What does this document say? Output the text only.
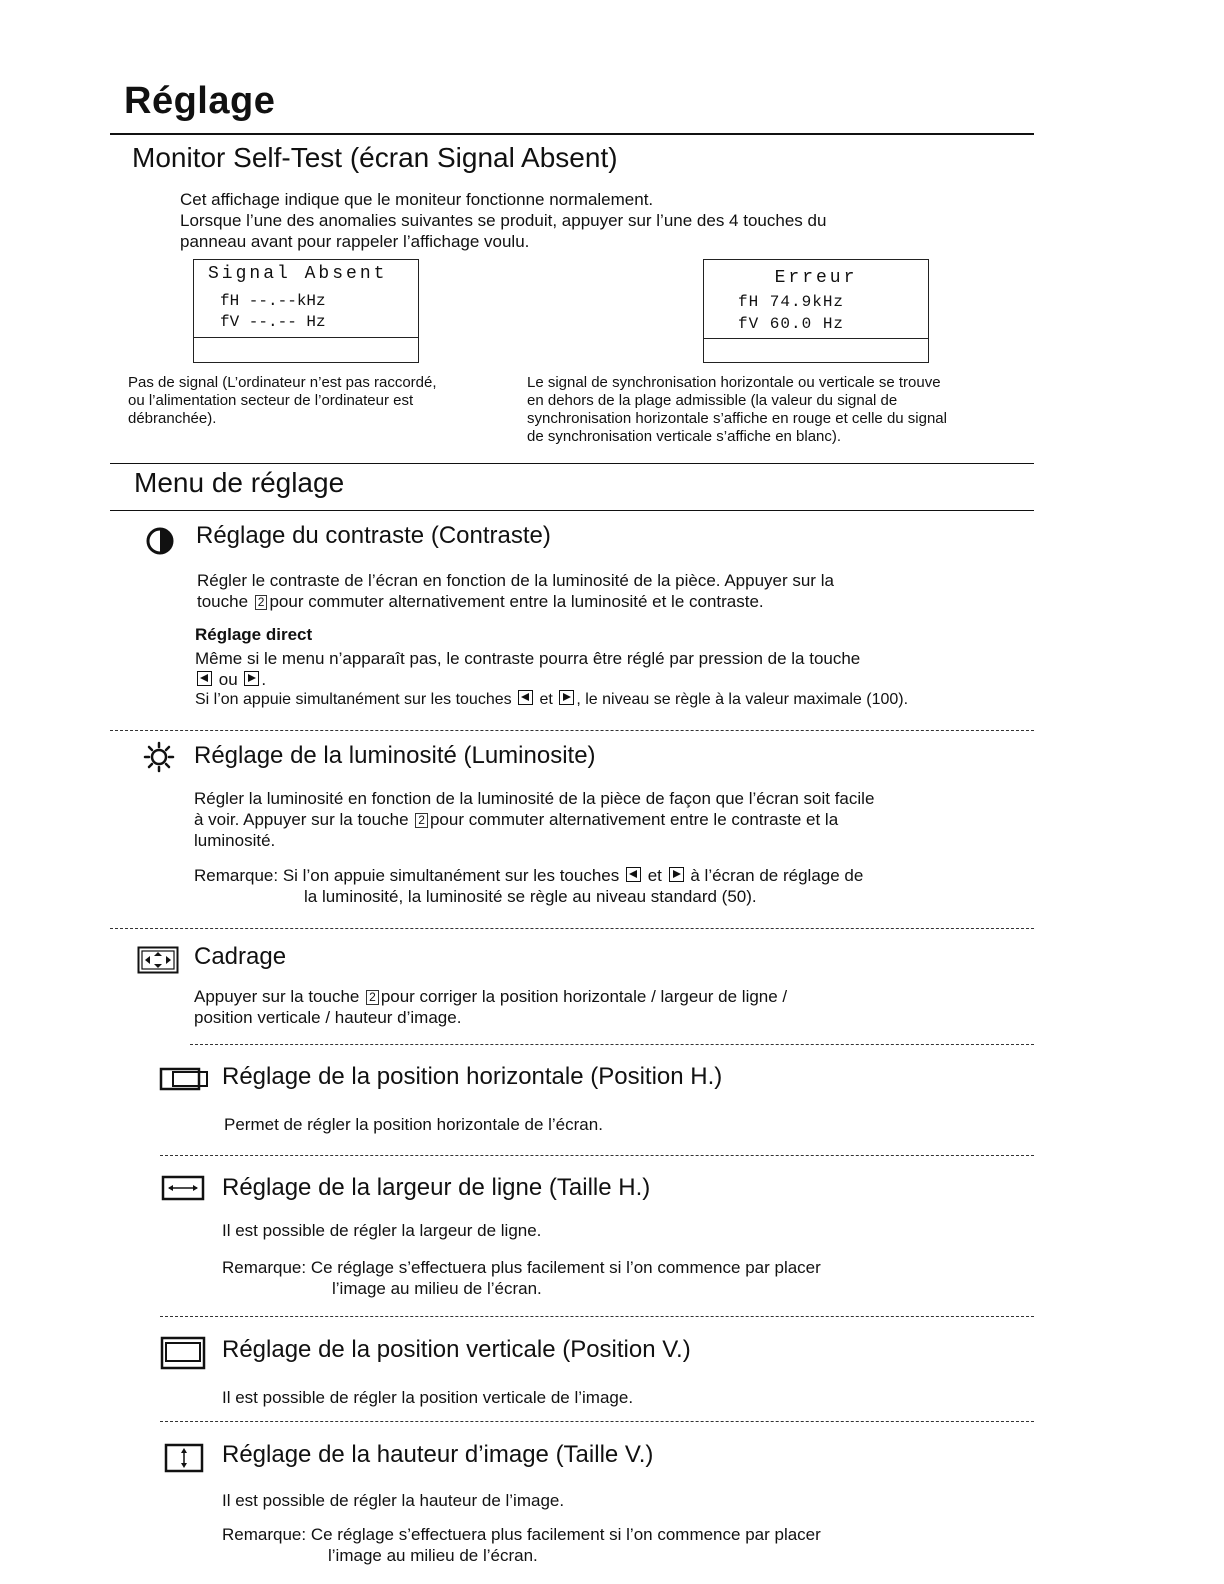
Réglage
Monitor Self-Test (écran Signal Absent)
Cet affichage indique que le moniteur fonctionne normalement.
Lorsque l’une des anomalies suivantes se produit, appuyer sur l’une des 4 touches du
panneau avant pour rappeler l’affichage voulu.
Signal Absent
fH --.--kHz
fV --.-- Hz
Erreur
fH 74.9kHz
fV 60.0 Hz
Pas de signal (L’ordinateur n’est pas raccordé,
ou l’alimentation secteur de l’ordinateur est
débranchée).
Le signal de synchronisation horizontale ou verticale se trouve
en dehors de la plage admissible (la valeur du signal de
synchronisation horizontale s’affiche en rouge et celle du signal
de synchronisation verticale s’affiche en blanc).
Menu de réglage
Réglage du contraste (Contraste)
Régler le contraste de l’écran en fonction de la luminosité de la pièce. Appuyer sur la
touche 2 pour commuter alternativement entre la luminosité et le contraste.
Réglage direct
Même si le menu n’apparaît pas, le contraste pourra être réglé par pression de la touche
ou .
Si l’on appuie simultanément sur les touches et , le niveau se règle à la valeur maximale (100).
Réglage de la luminosité (Luminosite)
Régler la luminosité en fonction de la luminosité de la pièce de façon que l’écran soit facile
à voir. Appuyer sur la touche 2 pour commuter alternativement entre le contraste et la
luminosité.
Remarque: Si l’on appuie simultanément sur les touches et à l’écran de réglage de
la luminosité, la luminosité se règle au niveau standard (50).
Cadrage
Appuyer sur la touche 2 pour corriger la position horizontale / largeur de ligne /
position verticale / hauteur d’image.
Réglage de la position horizontale (Position H.)
Permet de régler la position horizontale de l’écran.
Réglage de la largeur de ligne (Taille H.)
Il est possible de régler la largeur de ligne.
Remarque: Ce réglage s’effectuera plus facilement si l’on commence par placer
l’image au milieu de l’écran.
Réglage de la position verticale (Position V.)
Il est possible de régler la position verticale de l’image.
Réglage de la hauteur d’image (Taille V.)
Il est possible de régler la hauteur de l’image.
Remarque: Ce réglage s’effectuera plus facilement si l’on commence par placer
l’image au milieu de l’écran.
